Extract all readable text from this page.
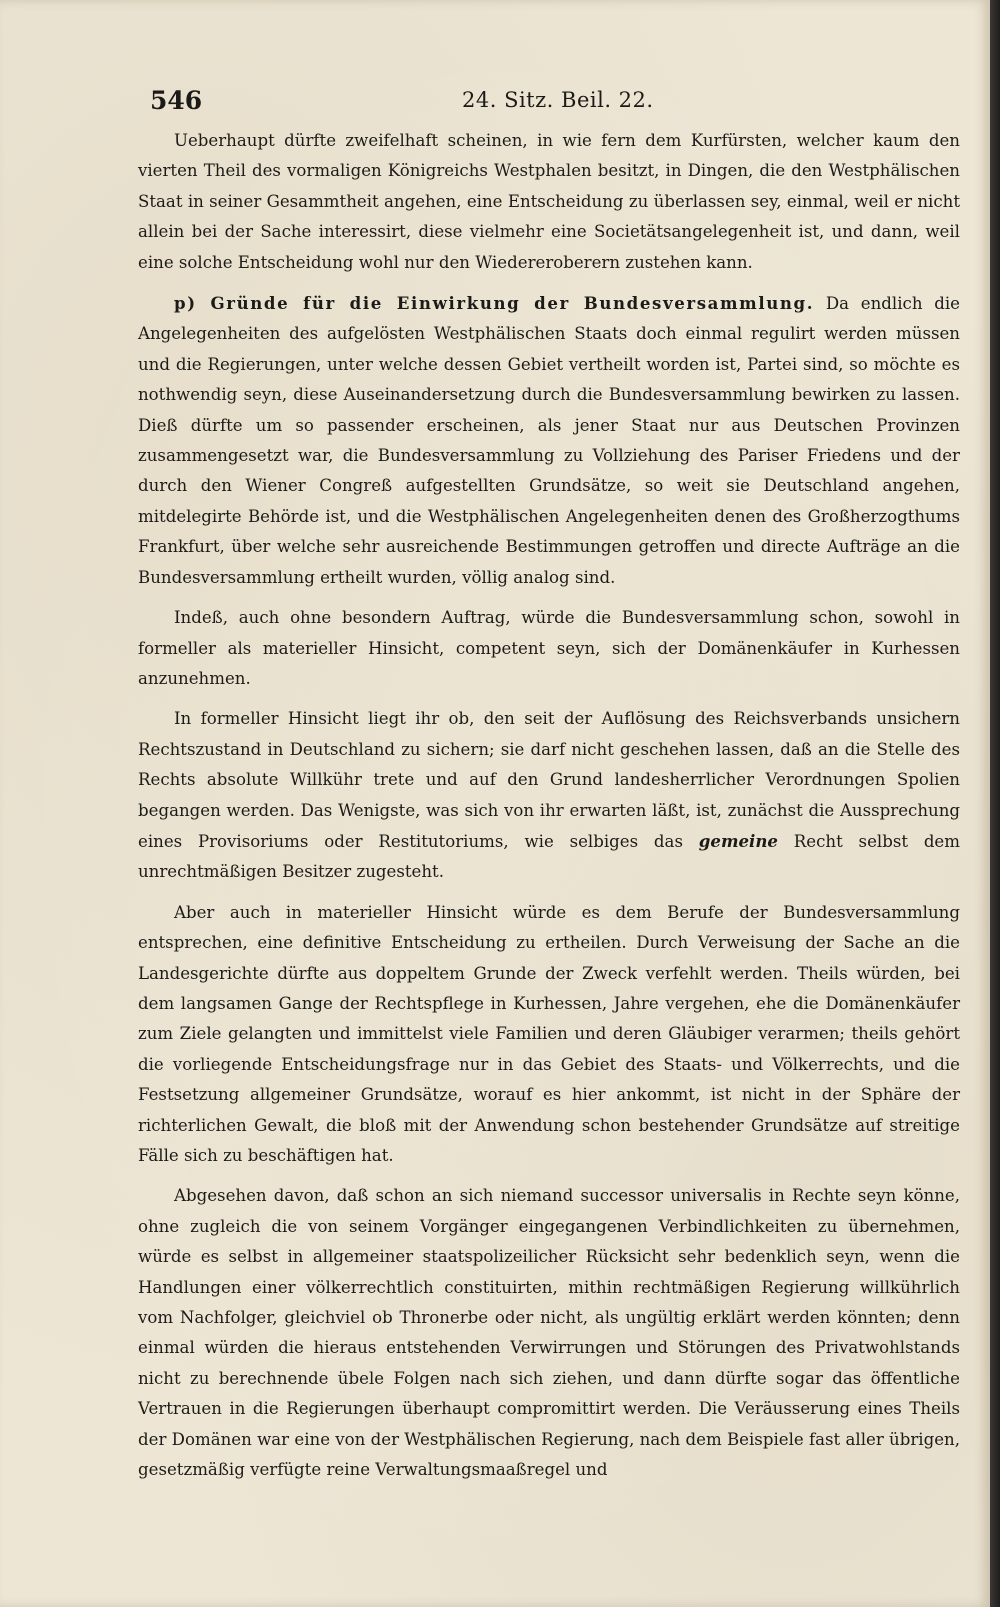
546	24. Sitz. Beil. 22.

Ueberhaupt dürfte zweifelhaft scheinen, in wie fern dem Kurfürsten, welcher kaum den vierten Theil des vormaligen Königreichs Westphalen besitzt, in Dingen, die den Westphälischen Staat in seiner Gesammtheit angehen, eine Entscheidung zu überlassen sey, einmal, weil er nicht allein bei der Sache interessirt, diese vielmehr eine Societätsangelegenheit ist, und dann, weil eine solche Entscheidung wohl nur den Wiedereroberern zustehen kann.

p) Gründe für die Einwirkung der Bundesversammlung. Da endlich die Angelegenheiten des aufgelösten Westphälischen Staats doch einmal regulirt werden müssen und die Regierungen, unter welche dessen Gebiet vertheilt worden ist, Partei sind, so möchte es nothwendig seyn, diese Auseinandersetzung durch die Bundesversammlung bewirken zu lassen. Dieß dürfte um so passender erscheinen, als jener Staat nur aus Deutschen Provinzen zusammengesetzt war, die Bundesversammlung zu Vollziehung des Pariser Friedens und der durch den Wiener Congreß aufgestellten Grundsätze, so weit sie Deutschland angehen, mitdelegirte Behörde ist, und die Westphälischen Angelegenheiten denen des Großherzogthums Frankfurt, über welche sehr ausreichende Bestimmungen getroffen und directe Aufträge an die Bundesversammlung ertheilt wurden, völlig analog sind.

Indeß, auch ohne besondern Auftrag, würde die Bundesversammlung schon, sowohl in formeller als materieller Hinsicht, competent seyn, sich der Domänenkäufer in Kurhessen anzunehmen.

In formeller Hinsicht liegt ihr ob, den seit der Auflösung des Reichsverbands unsichern Rechtszustand in Deutschland zu sichern; sie darf nicht geschehen lassen, daß an die Stelle des Rechts absolute Willkühr trete und auf den Grund landesherrlicher Verordnungen Spolien begangen werden. Das Wenigste, was sich von ihr erwarten läßt, ist, zunächst die Aussprechung eines Provisoriums oder Restitutoriums, wie selbiges das gemeine Recht selbst dem unrechtmäßigen Besitzer zugesteht.

Aber auch in materieller Hinsicht würde es dem Berufe der Bundesversammlung entsprechen, eine definitive Entscheidung zu ertheilen. Durch Verweisung der Sache an die Landesgerichte dürfte aus doppeltem Grunde der Zweck verfehlt werden. Theils würden, bei dem langsamen Gange der Rechtspflege in Kurhessen, Jahre vergehen, ehe die Domänenkäufer zum Ziele gelangten und immittelst viele Familien und deren Gläubiger verarmen; theils gehört die vorliegende Entscheidungsfrage nur in das Gebiet des Staats- und Völkerrechts, und die Festsetzung allgemeiner Grundsätze, worauf es hier ankommt, ist nicht in der Sphäre der richterlichen Gewalt, die bloß mit der Anwendung schon bestehender Grundsätze auf streitige Fälle sich zu beschäftigen hat.

Abgesehen davon, daß schon an sich niemand successor universalis in Rechte seyn könne, ohne zugleich die von seinem Vorgänger eingegangenen Verbindlichkeiten zu übernehmen, würde es selbst in allgemeiner staatspolizeilicher Rücksicht sehr bedenklich seyn, wenn die Handlungen einer völkerrechtlich constituirten, mithin rechtmäßigen Regierung willkührlich vom Nachfolger, gleichviel ob Thronerbe oder nicht, als ungültig erklärt werden könnten; denn einmal würden die hieraus entstehenden Verwirrungen und Störungen des Privatwohlstands nicht zu berechnende übele Folgen nach sich ziehen, und dann dürfte sogar das öffentliche Vertrauen in die Regierungen überhaupt compromittirt werden. Die Veräusserung eines Theils der Domänen war eine von der Westphälischen Regierung, nach dem Beispiele fast aller übrigen, gesetzmäßig verfügte reine Verwaltungsmaaßregel und
